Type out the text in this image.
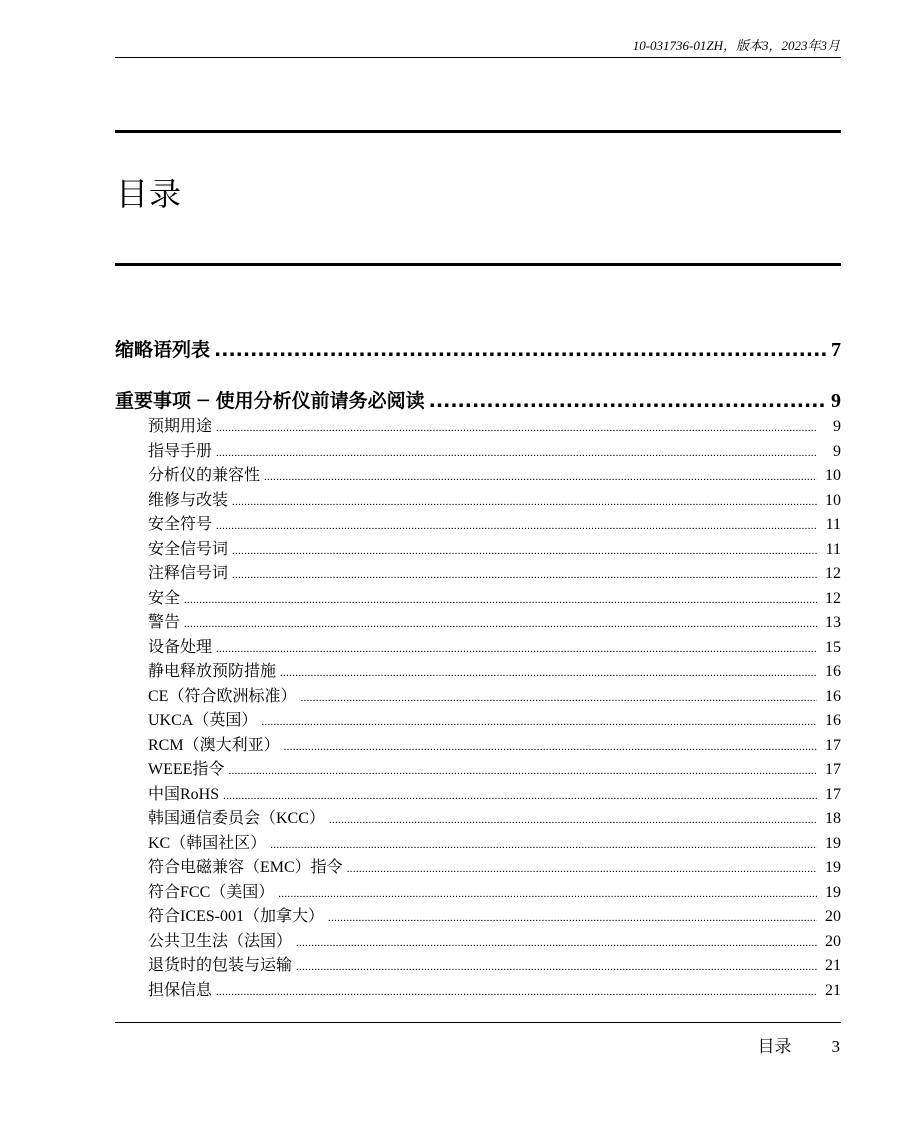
10-031736-01ZH，版本3，2023年3月
目录
缩略语列表 .....	7
重要事项 ─ 使用分析仪前请务必阅读 .....	9
预期用途 .....	9
指导手册 .....	9
分析仪的兼容性 .....	10
维修与改装 .....	10
安全符号 .....	11
安全信号词 .....	11
注释信号词 .....	12
安全 .....	12
警告 .....	13
设备处理 .....	15
静电释放预防措施 .....	16
CE（符合欧洲标准） .....	16
UKCA（英国） .....	16
RCM（澳大利亚） .....	17
WEEE指令 .....	17
中国RoHS .....	17
韩国通信委员会（KCC） .....	18
KC（韩国社区） .....	19
符合电磁兼容（EMC）指令 .....	19
符合FCC（美国） .....	19
符合ICES-001（加拿大） .....	20
公共卫生法（法国） .....	20
退货时的包装与运输 .....	21
担保信息 .....	21
目录 3
